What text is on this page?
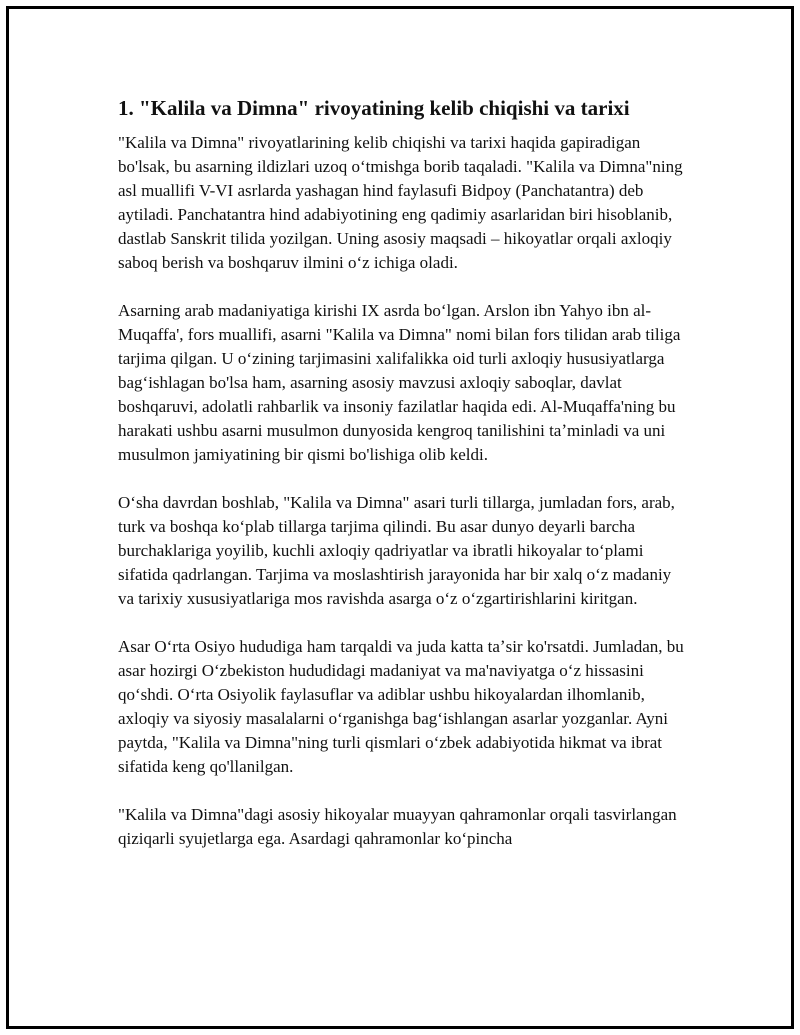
1. "Kalila va Dimna" rivoyatining kelib chiqishi va tarixi

"Kalila va Dimna" rivoyatlarining kelib chiqishi va tarixi haqida gapiradigan bo'lsak, bu asarning ildizlari uzoq oʻtmishga borib taqaladi. "Kalila va Dimna"ning asl muallifi V-VI asrlarda yashagan hind faylasufi Bidpoy (Panchatantra) deb aytiladi. Panchatantra hind adabiyotining eng qadimiy asarlaridan biri hisoblanib, dastlab Sanskrit tilida yozilgan. Uning asosiy maqsadi – hikoyatlar orqali axloqiy saboq berish va boshqaruv ilmini oʻz ichiga oladi.

Asarning arab madaniyatiga kirishi IX asrda boʻlgan. Arslon ibn Yahyo ibn al-Muqaffa', fors muallifi, asarni "Kalila va Dimna" nomi bilan fors tilidan arab tiliga tarjima qilgan. U oʻzining tarjimasini xalifalikka oid turli axloqiy hususiyatlarga bagʻishlagan bo'lsa ham, asarning asosiy mavzusi axloqiy saboqlar, davlat boshqaruvi, adolatli rahbarlik va insoniy fazilatlar haqida edi. Al-Muqaffa'ning bu harakati ushbu asarni musulmon dunyosida kengroq tanilishini taʼminladi va uni musulmon jamiyatining bir qismi bo'lishiga olib keldi.

Oʻsha davrdan boshlab, "Kalila va Dimna" asari turli tillarga, jumladan fors, arab, turk va boshqa koʻplab tillarga tarjima qilindi. Bu asar dunyo deyarli barcha burchaklariga yoyilib, kuchli axloqiy qadriyatlar va ibratli hikoyalar toʻplami sifatida qadrlangan. Tarjima va moslashtirish jarayonida har bir xalq oʻz madaniy va tarixiy xususiyatlariga mos ravishda asarga oʻz oʻzgartirishlarini kiritgan.

Asar Oʻrta Osiyo hududiga ham tarqaldi va juda katta taʼsir ko'rsatdi. Jumladan, bu asar hozirgi Oʻzbekiston hududidagi madaniyat va ma'naviyatga oʻz hissasini qoʻshdi. Oʻrta Osiyolik faylasuflar va adiblar ushbu hikoyalardan ilhomlanib, axloqiy va siyosiy masalalarni oʻrganishga bagʻishlangan asarlar yozganlar. Ayni paytda, "Kalila va Dimna"ning turli qismlari oʻzbek adabiyotida hikmat va ibrat sifatida keng qo'llanilgan.

"Kalila va Dimna"dagi asosiy hikoyalar muayyan qahramonlar orqali tasvirlangan qiziqarli syujetlarga ega. Asardagi qahramonlar koʻpincha
